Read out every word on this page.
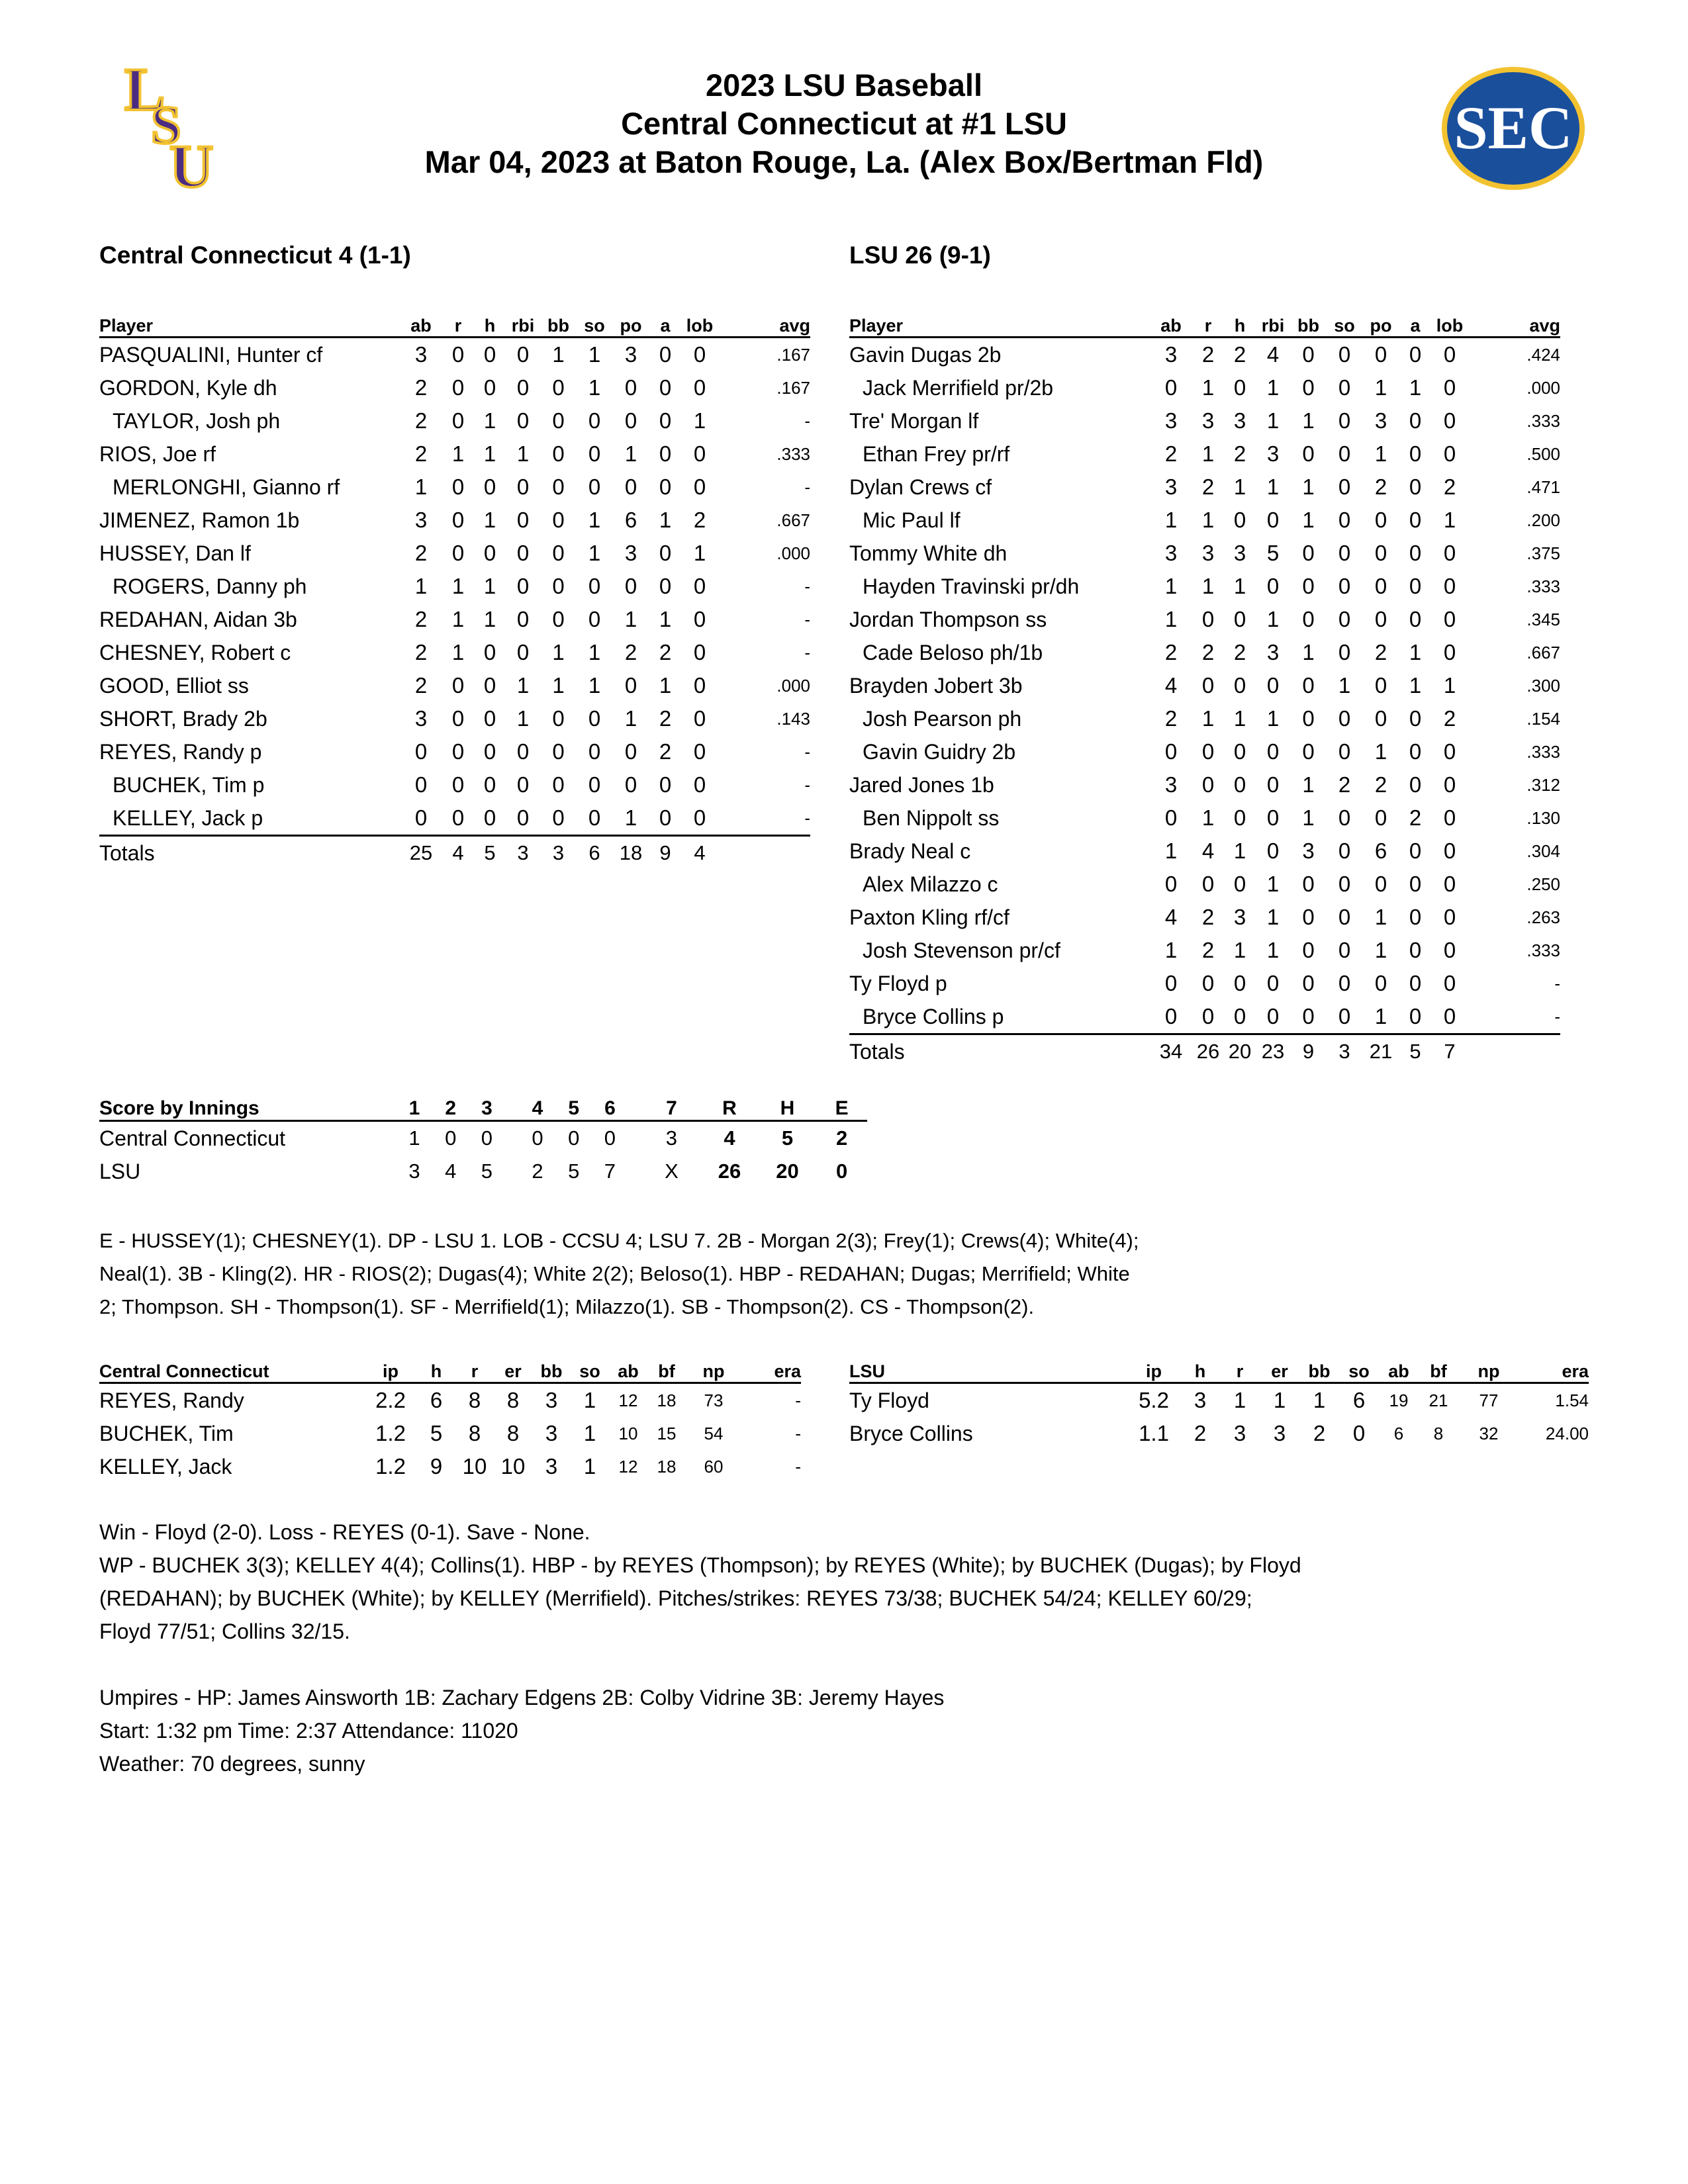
L
S
U
2023 LSU Baseball
Central Connecticut at #1 LSU
Mar 04, 2023 at Baton Rouge, La. (Alex Box/Bertman Fld)
SEC
Central Connecticut 4 (1-1)	LSU 26 (9-1)
Player	ab	r	h	rbi	bb	so	po	a	lob	avg
PASQUALINI, Hunter cf	3	0	0	0	1	1	3	0	0	.167
GORDON, Kyle dh	2	0	0	0	0	1	0	0	0	.167
TAYLOR, Josh ph	2	0	1	0	0	0	0	0	1	-
RIOS, Joe rf	2	1	1	1	0	0	1	0	0	.333
MERLONGHI, Gianno rf	1	0	0	0	0	0	0	0	0	-
JIMENEZ, Ramon 1b	3	0	1	0	0	1	6	1	2	.667
HUSSEY, Dan lf	2	0	0	0	0	1	3	0	1	.000
ROGERS, Danny ph	1	1	1	0	0	0	0	0	0	-
REDAHAN, Aidan 3b	2	1	1	0	0	0	1	1	0	-
CHESNEY, Robert c	2	1	0	0	1	1	2	2	0	-
GOOD, Elliot ss	2	0	0	1	1	1	0	1	0	.000
SHORT, Brady 2b	3	0	0	1	0	0	1	2	0	.143
REYES, Randy p	0	0	0	0	0	0	0	2	0	-
BUCHEK, Tim p	0	0	0	0	0	0	0	0	0	-
KELLEY, Jack p	0	0	0	0	0	0	1	0	0	-
Totals	25	4	5	3	3	6	18	9	4	
Player	ab	r	h	rbi	bb	so	po	a	lob	avg
Gavin Dugas 2b	3	2	2	4	0	0	0	0	0	.424
Jack Merrifield pr/2b	0	1	0	1	0	0	1	1	0	.000
Tre' Morgan lf	3	3	3	1	1	0	3	0	0	.333
Ethan Frey pr/rf	2	1	2	3	0	0	1	0	0	.500
Dylan Crews cf	3	2	1	1	1	0	2	0	2	.471
Mic Paul lf	1	1	0	0	1	0	0	0	1	.200
Tommy White dh	3	3	3	5	0	0	0	0	0	.375
Hayden Travinski pr/dh	1	1	1	0	0	0	0	0	0	.333
Jordan Thompson ss	1	0	0	1	0	0	0	0	0	.345
Cade Beloso ph/1b	2	2	2	3	1	0	2	1	0	.667
Brayden Jobert 3b	4	0	0	0	0	1	0	1	1	.300
Josh Pearson ph	2	1	1	1	0	0	0	0	2	.154
Gavin Guidry 2b	0	0	0	0	0	0	1	0	0	.333
Jared Jones 1b	3	0	0	0	1	2	2	0	0	.312
Ben Nippolt ss	0	1	0	0	1	0	0	2	0	.130
Brady Neal c	1	4	1	0	3	0	6	0	0	.304
Alex Milazzo c	0	0	0	1	0	0	0	0	0	.250
Paxton Kling rf/cf	4	2	3	1	0	0	1	0	0	.263
Josh Stevenson pr/cf	1	2	1	1	0	0	1	0	0	.333
Ty Floyd p	0	0	0	0	0	0	0	0	0	-
Bryce Collins p	0	0	0	0	0	0	1	0	0	-
Totals	34	26	20	23	9	3	21	5	7	
Score by Innings	1	2	3		4	5	6		7	R	H	E
Central Connecticut	1	0	0		0	0	0		3	4	5	2
LSU	3	4	5		2	5	7		X	26	20	0
E - HUSSEY(1); CHESNEY(1). DP - LSU 1. LOB - CCSU 4; LSU 7. 2B - Morgan 2(3); Frey(1); Crews(4); White(4);
Neal(1). 3B - Kling(2). HR - RIOS(2); Dugas(4); White 2(2); Beloso(1). HBP - REDAHAN; Dugas; Merrifield; White
2; Thompson. SH - Thompson(1). SF - Merrifield(1); Milazzo(1). SB - Thompson(2). CS - Thompson(2).
Central Connecticut	ip	h	r	er	bb	so	ab	bf	np	era
REYES, Randy	2.2	6	8	8	3	1	12	18	73	-
BUCHEK, Tim	1.2	5	8	8	3	1	10	15	54	-
KELLEY, Jack	1.2	9	10	10	3	1	12	18	60	-
LSU	ip	h	r	er	bb	so	ab	bf	np	era
Ty Floyd	5.2	3	1	1	1	6	19	21	77	1.54
Bryce Collins	1.1	2	3	3	2	0	6	8	32	24.00
Win - Floyd (2-0). Loss - REYES (0-1). Save - None.
WP - BUCHEK 3(3); KELLEY 4(4); Collins(1). HBP - by REYES (Thompson); by REYES (White); by BUCHEK (Dugas); by Floyd
(REDAHAN); by BUCHEK (White); by KELLEY (Merrifield). Pitches/strikes: REYES 73/38; BUCHEK 54/24; KELLEY 60/29;
Floyd 77/51; Collins 32/15.
Umpires - HP: James Ainsworth 1B: Zachary Edgens 2B: Colby Vidrine 3B: Jeremy Hayes
Start: 1:32 pm Time: 2:37 Attendance: 11020
Weather: 70 degrees, sunny
